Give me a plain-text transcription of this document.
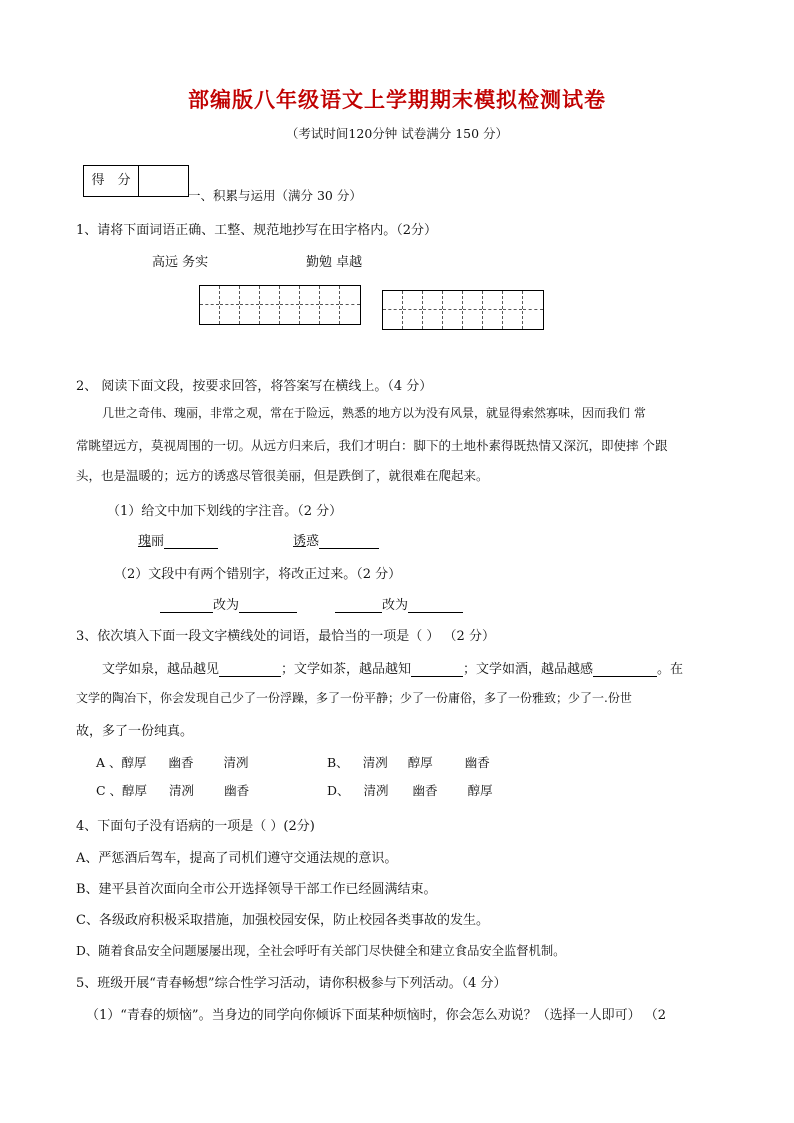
部编版八年级语文上学期期末模拟检测试卷
（考试时间120分钟 试卷满分 150 分）
得　分
一、积累与运用（满分 30 分）
1、请将下面词语正确、工整、规范地抄写在田字格内。（2分）
高远 务实	勤勉 卓越
2、 阅读下面文段，按要求回答，将答案写在横线上。（4 分）
几世之奇伟、瑰丽，非常之观，常在于险远，熟悉的地方以为没有风景，就显得索然寡味，因而我们 常
常眺望远方，莫视周围的一切。从远方归来后，我们才明白：脚下的土地朴素得既热情又深沉，即使摔 个跟
头，也是温暖的；远方的诱惑尽管很美丽，但是跌倒了，就很难在爬起来。
（1）给文中加下划线的字注音。（2 分）
瑰丽	诱惑
（2）文段中有两个错别字，将改正过来。（2 分）
改为	改为
3、依次填入下面一段文字横线处的词语，最恰当的一项是（ ） （2 分）
文学如泉，越品越见	；文学如茶，越品越知	；文学如酒，越品越感	。在
文学的陶冶下，你会发现自己少了一份浮躁，多了一份平静；少了一份庸俗，多了一份雅致；少了一.份世
故，多了一份纯真。
A 、醇厚 幽香 清冽	B、 清冽 醇厚	幽香
C 、醇厚 清冽 幽香	D、 清冽 幽香 醇厚
4、下面句子没有语病的一项是（ ）(2分)
A、严惩酒后驾车，提高了司机们遵守交通法规的意识。
B、建平县首次面向全市公开选择领导干部工作已经圆满结束。
C、各级政府积极采取措施，加强校园安保，防止校园各类事故的发生。
D、随着食品安全问题屡屡出现，全社会呼吁有关部门尽快健全和建立食品安全监督机制。
5、班级开展“青春畅想”综合性学习活动，请你积极参与下列活动。（4 分）
（1）“青春的烦恼”。当身边的同学向你倾诉下面某种烦恼时，你会怎么劝说？（选择一人即可） （2
